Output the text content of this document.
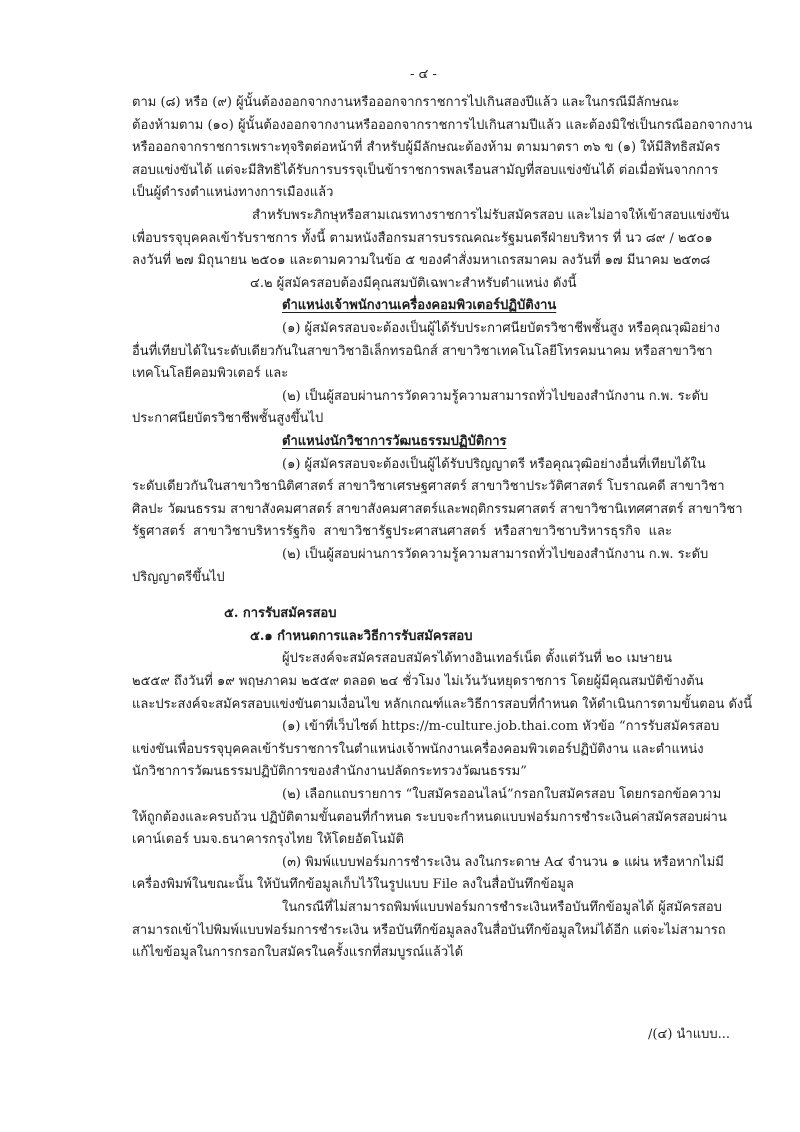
- ๔ -
ตาม (๘) หรือ (๙) ผู้นั้นต้องออกจากงานหรือออกจากราชการไปเกินสองปีแล้ว และในกรณีมีลักษณะ
ต้องห้ามตาม (๑๐) ผู้นั้นต้องออกจากงานหรือออกจากราชการไปเกินสามปีแล้ว และต้องมิใช่เป็นกรณีออกจากงาน
หรือออกจากราชการเพราะทุจริตต่อหน้าที่ สำหรับผู้มีลักษณะต้องห้าม ตามมาตรา ๓๖ ข (๑) ให้มีสิทธิสมัคร
สอบแข่งขันได้ แต่จะมีสิทธิได้รับการบรรจุเป็นข้าราชการพลเรือนสามัญที่สอบแข่งขันได้ ต่อเมื่อพ้นจากการ
เป็นผู้ดำรงตำแหน่งทางการเมืองแล้ว
สำหรับพระภิกษุหรือสามเณรทางราชการไม่รับสมัครสอบ และไม่อาจให้เข้าสอบแข่งขัน
เพื่อบรรจุบุคคลเข้ารับราชการ ทั้งนี้ ตามหนังสือกรมสารบรรณคณะรัฐมนตรีฝ่ายบริหาร ที่ นว ๘๙ / ๒๕๐๑
ลงวันที่ ๒๗ มิถุนายน ๒๕๐๑ และตามความในข้อ ๕ ของคำสั่งมหาเถรสมาคม ลงวันที่ ๑๗ มีนาคม ๒๕๓๘
๔.๒ ผู้สมัครสอบต้องมีคุณสมบัติเฉพาะสำหรับตำแหน่ง ดังนี้
ตำแหน่งเจ้าพนักงานเครื่องคอมพิวเตอร์ปฏิบัติงาน
(๑) ผู้สมัครสอบจะต้องเป็นผู้ได้รับประกาศนียบัตรวิชาชีพชั้นสูง หรือคุณวุฒิอย่าง
อื่นที่เทียบได้ในระดับเดียวกันในสาขาวิชาอิเล็กทรอนิกส์ สาขาวิชาเทคโนโลยีโทรคมนาคม หรือสาขาวิชา
เทคโนโลยีคอมพิวเตอร์ และ
(๒) เป็นผู้สอบผ่านการวัดความรู้ความสามารถทั่วไปของสำนักงาน ก.พ. ระดับ
ประกาศนียบัตรวิชาชีพชั้นสูงขึ้นไป
ตำแหน่งนักวิชาการวัฒนธรรมปฏิบัติการ
(๑) ผู้สมัครสอบจะต้องเป็นผู้ได้รับปริญญาตรี หรือคุณวุฒิอย่างอื่นที่เทียบได้ใน
ระดับเดียวกันในสาขาวิชานิติศาสตร์ สาขาวิชาเศรษฐศาสตร์ สาขาวิชาประวัติศาสตร์ โบราณคดี สาขาวิชา
ศิลปะ วัฒนธรรม สาขาสังคมศาสตร์ สาขาสังคมศาสตร์และพฤติกรรมศาสตร์ สาขาวิชานิเทศศาสตร์ สาขาวิชา
รัฐศาสตร์ สาขาวิชาบริหารรัฐกิจ สาขาวิชารัฐประศาสนศาสตร์ หรือสาขาวิชาบริหารธุรกิจ และ
(๒) เป็นผู้สอบผ่านการวัดความรู้ความสามารถทั่วไปของสำนักงาน ก.พ. ระดับ
ปริญญาตรีขึ้นไป
๕. การรับสมัครสอบ
๕.๑ กำหนดการและวิธีการรับสมัครสอบ
ผู้ประสงค์จะสมัครสอบสมัครได้ทางอินเทอร์เน็ต ตั้งแต่วันที่ ๒๐ เมษายน
๒๕๕๙ ถึงวันที่ ๑๙ พฤษภาคม ๒๕๕๙ ตลอด ๒๔ ชั่วโมง ไม่เว้นวันหยุดราชการ โดยผู้มีคุณสมบัติข้างต้น
และประสงค์จะสมัครสอบแข่งขันตามเงื่อนไข หลักเกณฑ์และวิธีการสอบที่กำหนด ให้ดำเนินการตามขั้นตอน ดังนี้
(๑) เข้าที่เว็บไซต์ https://m-culture.job.thai.com หัวข้อ “การรับสมัครสอบ
แข่งขันเพื่อบรรจุบุคคลเข้ารับราชการในตำแหน่งเจ้าพนักงานเครื่องคอมพิวเตอร์ปฏิบัติงาน และตำแหน่ง
นักวิชาการวัฒนธรรมปฏิบัติการของสำนักงานปลัดกระทรวงวัฒนธรรม”
(๒) เลือกแถบรายการ “ใบสมัครออนไลน์”กรอกใบสมัครสอบ โดยกรอกข้อความ
ให้ถูกต้องและครบถ้วน ปฏิบัติตามขั้นตอนที่กำหนด ระบบจะกำหนดแบบฟอร์มการชำระเงินค่าสมัครสอบผ่าน
เคาน์เตอร์ บมจ.ธนาคารกรุงไทย ให้โดยอัตโนมัติ
(๓) พิมพ์แบบฟอร์มการชำระเงิน ลงในกระดาษ A๔ จำนวน ๑ แผ่น หรือหากไม่มี
เครื่องพิมพ์ในขณะนั้น ให้บันทึกข้อมูลเก็บไว้ในรูปแบบ File ลงในสื่อบันทึกข้อมูล
ในกรณีที่ไม่สามารถพิมพ์แบบฟอร์มการชำระเงินหรือบันทึกข้อมูลได้ ผู้สมัครสอบ
สามารถเข้าไปพิมพ์แบบฟอร์มการชำระเงิน หรือบันทึกข้อมูลลงในสื่อบันทึกข้อมูลใหม่ได้อีก แต่จะไม่สามารถ
แก้ไขข้อมูลในการกรอกใบสมัครในครั้งแรกที่สมบูรณ์แล้วได้
/(๔) นำแบบ...
